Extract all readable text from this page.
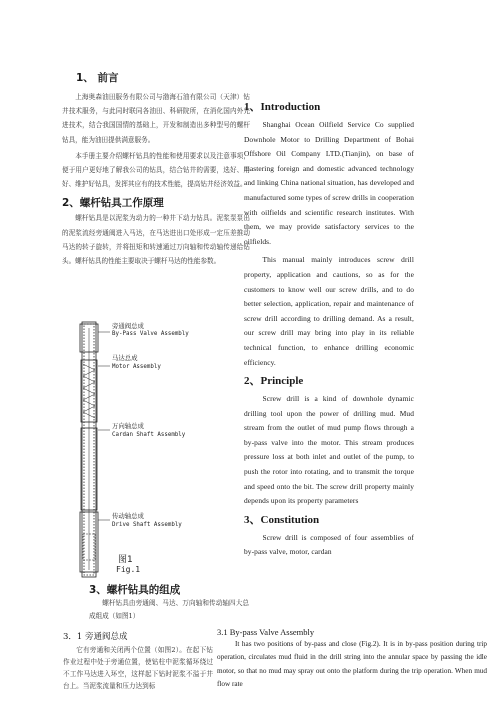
1、 前言

上海奥森油田服务有限公司与渤海石油有限公司（天津）钻井技术服务，与此同时联同各油田、科研院所，在消化国内外先进技术，结合我国国情的基础上，开发和制造出多种型号的螺杆钻具，能为油田提供满意服务。

本手册主要介绍螺杆钻具的性能和使用要求以及注意事项，便于用户更好地了解我公司的钻具，结合钻井的需要，选好、用好、维护好钻具，发挥其应有的技术性能，提高钻井经济效益。

2、螺杆钻具工作原理

螺杆钻具是以泥浆为动力的一种井下动力钻具。泥浆泵泵出的泥浆流经旁通阀进入马达，在马达进出口处形成一定压差推动马达的转子旋转，并将扭矩和转速通过万向轴和传动轴传递给钻头。螺杆钻具的性能主要取决于螺杆马达的性能参数。

旁通阀总成
By-Pass Valve Assembly
马达总成
Motor Assembly
万向轴总成
Cardan Shaft Assembly
传动轴总成
Drive Shaft Assembly
图1
Fig.1
3、螺杆钻具的组成

螺杆钻具由旁通阀、马达、万向轴和传动轴四大总成组成（如图1）

3．1 旁通阀总成

它有旁通和关闭两个位置（如图2）。在起下钻作业过程中处于旁通位置，使钻柱中泥浆循环绕过不工作马达进入环空，这样起下钻时泥浆不溢于井台上。当泥浆流量和压力达到标

1、Introduction

Shanghai Ocean Oilfield Service Co supplied Downhole Motor to Drilling Department of Bohai Offshore Oil Company LTD.(Tianjin), on base of mastering foreign and domestic advanced technology and linking China national situation, has developed and manufactured some types of screw drills in cooperation with oilfields and scientific research institutes. With them, we may provide satisfactory services to the oilfields.

This manual mainly introduces screw drill property, application and cautions, so as for the customers to know well our screw drills, and to do better selection, application, repair and maintenance of screw drill according to drilling demand. As a result, our screw drill may bring into play in its reliable technical function, to enhance drilling economic efficiency.

2、Principle

Screw drill is a kind of downhole dynamic drilling tool upon the power of drilling mud. Mud stream from the outlet of mud pump flows through a by-pass valve into the motor. This stream produces pressure loss at both inlet and outlet of the pump, to push the rotor into rotating, and to transmit the torque and speed onto the bit. The screw drill property mainly depends upon its property parameters

3、Constitution

Screw drill is composed of four assemblies of by-pass valve, motor, cardan

3.1 By-pass Valve Assembly

It has two positions of by-pass and close (Fig.2). It is in by-pass position during trip operation, circulates mud fluid in the drill string into the annular space by passing the idle motor, so that no mud may spray out onto the platform during the trip operation. When mud flow rate
